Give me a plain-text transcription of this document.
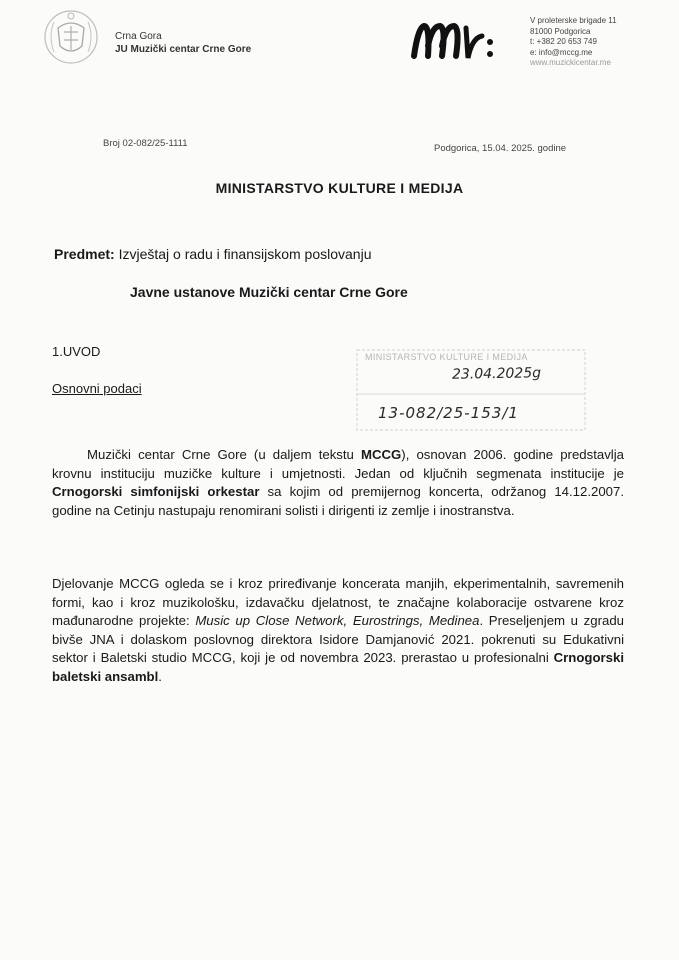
Crna Gora
JU Muzički centar Crne Gore
V proleterske brigade 11
81000 Podgorica
t: +382 20 653 749
e: info@mccg.me
www.muzickicentar.me
Broj 02-082/25-1111	Podgorica, 15.04. 2025. godine
MINISTARSTVO KULTURE I MEDIJA
Predmet: Izvještaj o radu i finansijskom poslovanju
Javne ustanove Muzički centar Crne Gore
1.UVOD
Osnovni podaci
MINISTARSTVO KULTURE I MEDIJA
23.04.2025g
13-082/25-153/1
Muzički centar Crne Gore (u daljem tekstu MCCG), osnovan 2006. godine predstavlja krovnu instituciju muzičke kulture i umjetnosti. Jedan od ključnih segmenata institucije je Crnogorski simfonijski orkestar sa kojim od premijernog koncerta, održanog 14.12.2007. godine na Cetinju nastupaju renomirani solisti i dirigenti iz zemlje i inostranstva.
Djelovanje MCCG ogleda se i kroz priređivanje koncerata manjih, ekperimentalnih, savremenih formi, kao i kroz muzikološku, izdavačku djelatnost, te značajne kolaboracije ostvarene kroz mađunarodne projekte: Music up Close Network, Eurostrings, Medinea. Preseljenjem u zgradu bivše JNA i dolaskom poslovnog direktora Isidore Damjanović 2021. pokrenuti su Edukativni sektor i Baletski studio MCCG, koji je od novembra 2023. prerastao u profesionalni Crnogorski baletski ansambl.
